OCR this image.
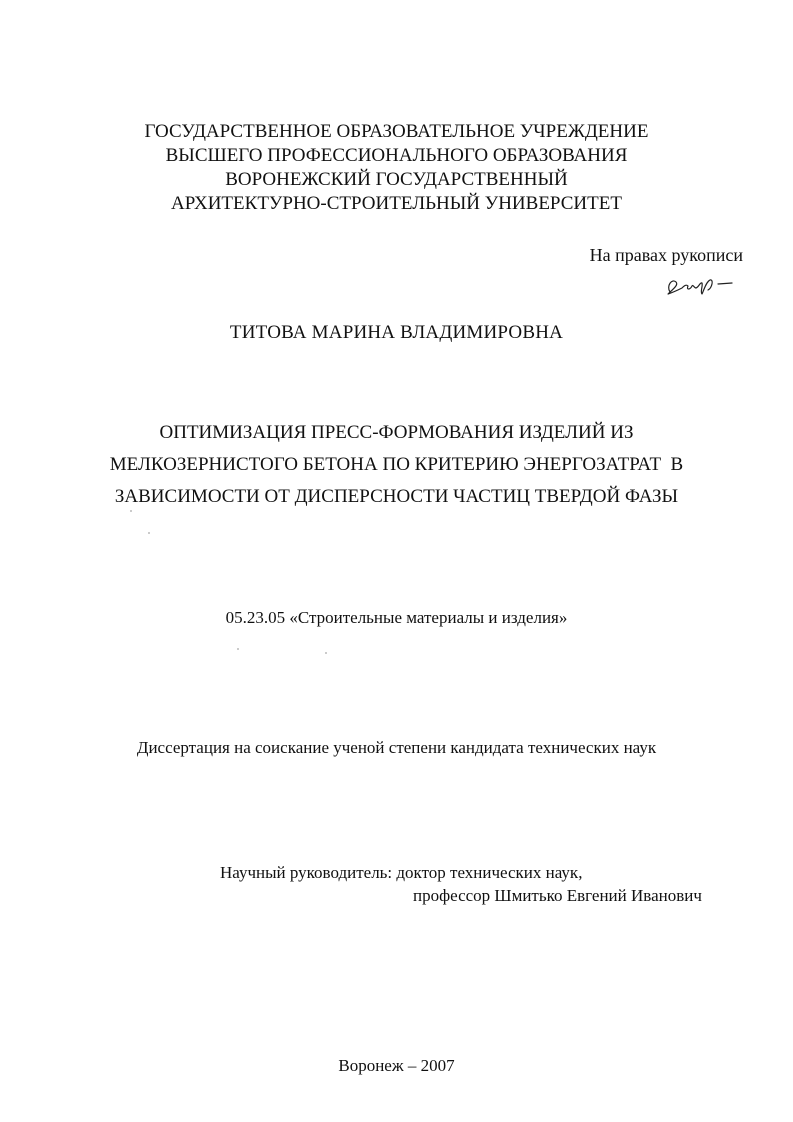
ГОСУДАРСТВЕННОЕ ОБРАЗОВАТЕЛЬНОЕ УЧРЕЖДЕНИЕ
ВЫСШЕГО ПРОФЕССИОНАЛЬНОГО ОБРАЗОВАНИЯ
ВОРОНЕЖСКИЙ ГОСУДАРСТВЕННЫЙ
АРХИТЕКТУРНО-СТРОИТЕЛЬНЫЙ УНИВЕРСИТЕТ
На правах рукописи
ТИТОВА МАРИНА ВЛАДИМИРОВНА
ОПТИМИЗАЦИЯ ПРЕСС-ФОРМОВАНИЯ ИЗДЕЛИЙ ИЗ
МЕЛКОЗЕРНИСТОГО БЕТОНА ПО КРИТЕРИЮ ЭНЕРГОЗАТРАТ  В
ЗАВИСИМОСТИ ОТ ДИСПЕРСНОСТИ ЧАСТИЦ ТВЕРДОЙ ФАЗЫ
05.23.05 «Строительные материалы и изделия»
Диссертация на соискание ученой степени кандидата технических наук
Научный руководитель: доктор технических наук,
профессор Шмитько Евгений Иванович
Воронеж – 2007
